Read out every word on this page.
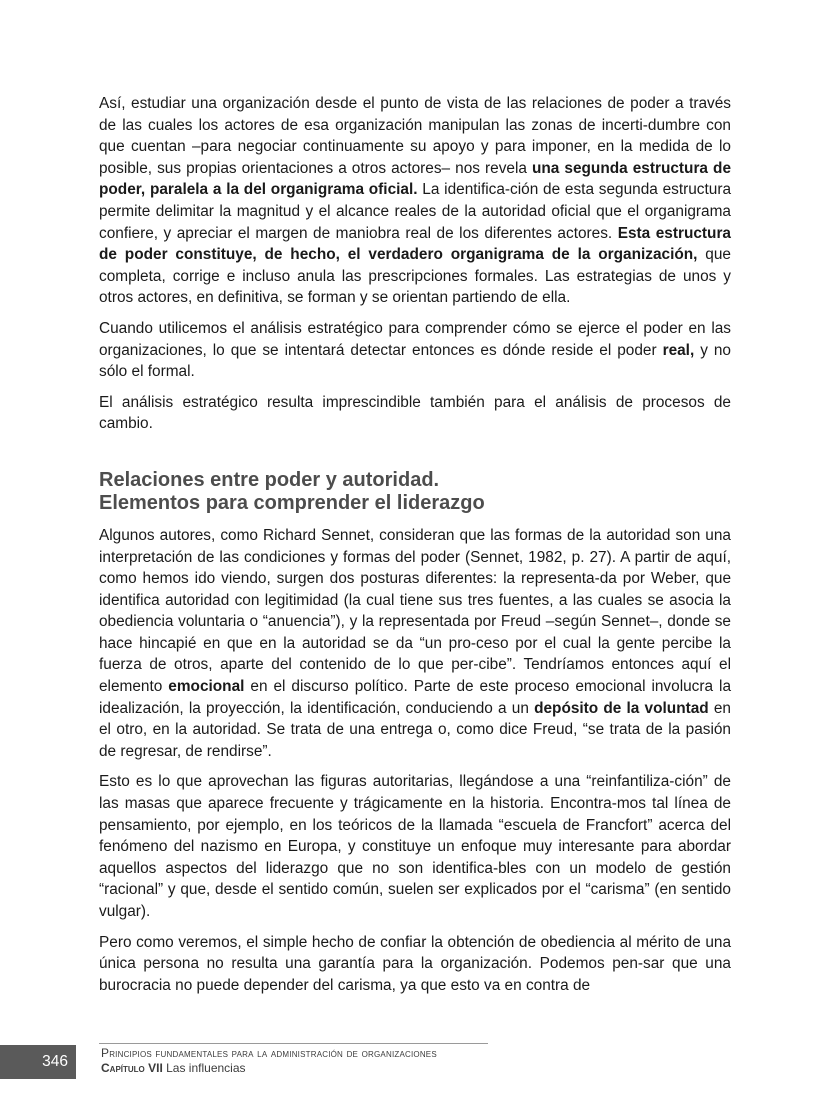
Así, estudiar una organización desde el punto de vista de las relaciones de poder a través de las cuales los actores de esa organización manipulan las zonas de incerti-dumbre con que cuentan –para negociar continuamente su apoyo y para imponer, en la medida de lo posible, sus propias orientaciones a otros actores– nos revela una segunda estructura de poder, paralela a la del organigrama oficial. La identifica-ción de esta segunda estructura permite delimitar la magnitud y el alcance reales de la autoridad oficial que el organigrama confiere, y apreciar el margen de maniobra real de los diferentes actores. Esta estructura de poder constituye, de hecho, el verdadero organigrama de la organización, que completa, corrige e incluso anula las prescripciones formales. Las estrategias de unos y otros actores, en definitiva, se forman y se orientan partiendo de ella.

Cuando utilicemos el análisis estratégico para comprender cómo se ejerce el poder en las organizaciones, lo que se intentará detectar entonces es dónde reside el poder real, y no sólo el formal.

El análisis estratégico resulta imprescindible también para el análisis de procesos de cambio.

Relaciones entre poder y autoridad.
Elementos para comprender el liderazgo

Algunos autores, como Richard Sennet, consideran que las formas de la autoridad son una interpretación de las condiciones y formas del poder (Sennet, 1982, p. 27). A partir de aquí, como hemos ido viendo, surgen dos posturas diferentes: la representa-da por Weber, que identifica autoridad con legitimidad (la cual tiene sus tres fuentes, a las cuales se asocia la obediencia voluntaria o “anuencia”), y la representada por Freud –según Sennet–, donde se hace hincapié en que en la autoridad se da “un pro-ceso por el cual la gente percibe la fuerza de otros, aparte del contenido de lo que per-cibe”. Tendríamos entonces aquí el elemento emocional en el discurso político. Parte de este proceso emocional involucra la idealización, la proyección, la identificación, conduciendo a un depósito de la voluntad en el otro, en la autoridad. Se trata de una entrega o, como dice Freud, “se trata de la pasión de regresar, de rendirse”.

Esto es lo que aprovechan las figuras autoritarias, llegándose a una “reinfantiliza-ción” de las masas que aparece frecuente y trágicamente en la historia. Encontra-mos tal línea de pensamiento, por ejemplo, en los teóricos de la llamada “escuela de Francfort” acerca del fenómeno del nazismo en Europa, y constituye un enfoque muy interesante para abordar aquellos aspectos del liderazgo que no son identifica-bles con un modelo de gestión “racional” y que, desde el sentido común, suelen ser explicados por el “carisma” (en sentido vulgar).

Pero como veremos, el simple hecho de confiar la obtención de obediencia al mérito de una única persona no resulta una garantía para la organización. Podemos pen-sar que una burocracia no puede depender del carisma, ya que esto va en contra de

346	Principios fundamentales para la administración de organizaciones
Capítulo VII Las influencias
